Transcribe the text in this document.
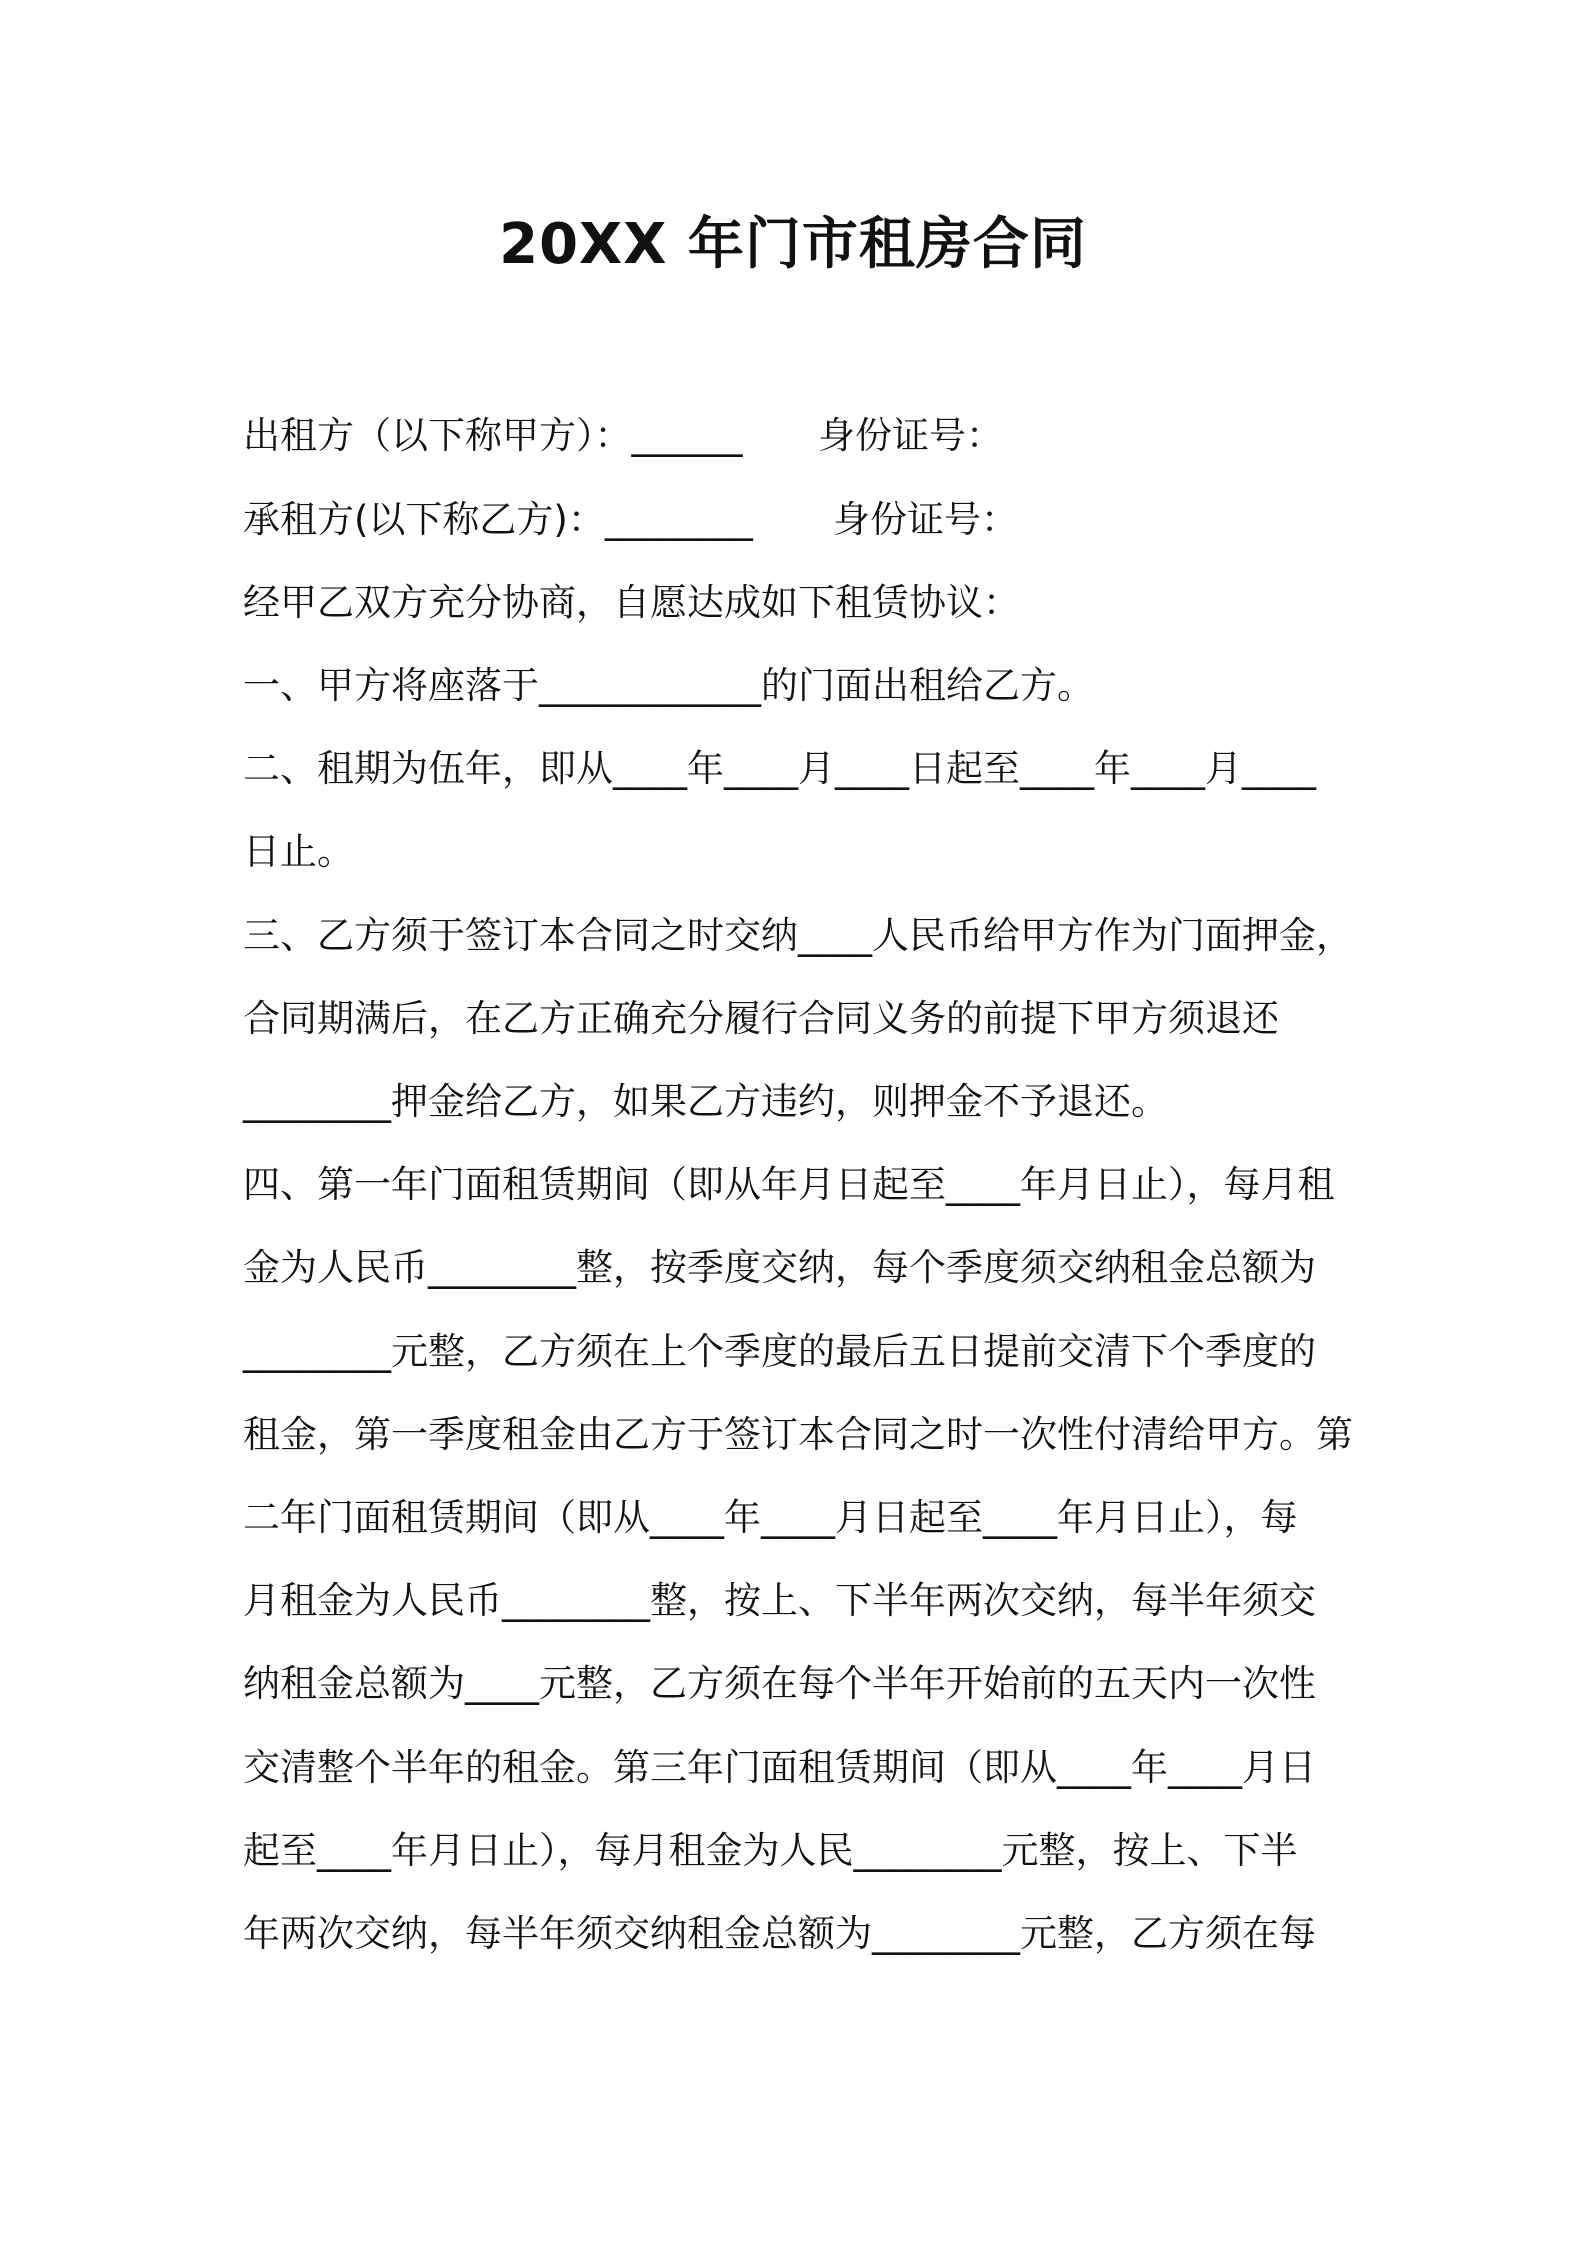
20XX 年门市租房合同
出租方（以下称甲方）：______ 身份证号：
承租方(以下称乙方)：________ 身份证号：
经甲乙双方充分协商，自愿达成如下租赁协议：
一、甲方将座落于____________的门面出租给乙方。
二、租期为伍年，即从____年____月____日起至____年____月____
日止。
三、乙方须于签订本合同之时交纳____人民币给甲方作为门面押金，
合同期满后，在乙方正确充分履行合同义务的前提下甲方须退还
________押金给乙方，如果乙方违约，则押金不予退还。
四、第一年门面租赁期间（即从年月日起至____年月日止），每月租
金为人民币________整，按季度交纳，每个季度须交纳租金总额为
________元整，乙方须在上个季度的最后五日提前交清下个季度的
租金，第一季度租金由乙方于签订本合同之时一次性付清给甲方。第
二年门面租赁期间（即从____年____月日起至____年月日止），每
月租金为人民币________整，按上、下半年两次交纳，每半年须交
纳租金总额为____元整，乙方须在每个半年开始前的五天内一次性
交清整个半年的租金。第三年门面租赁期间（即从____年____月日
起至____年月日止），每月租金为人民________元整，按上、下半
年两次交纳，每半年须交纳租金总额为________元整，乙方须在每
